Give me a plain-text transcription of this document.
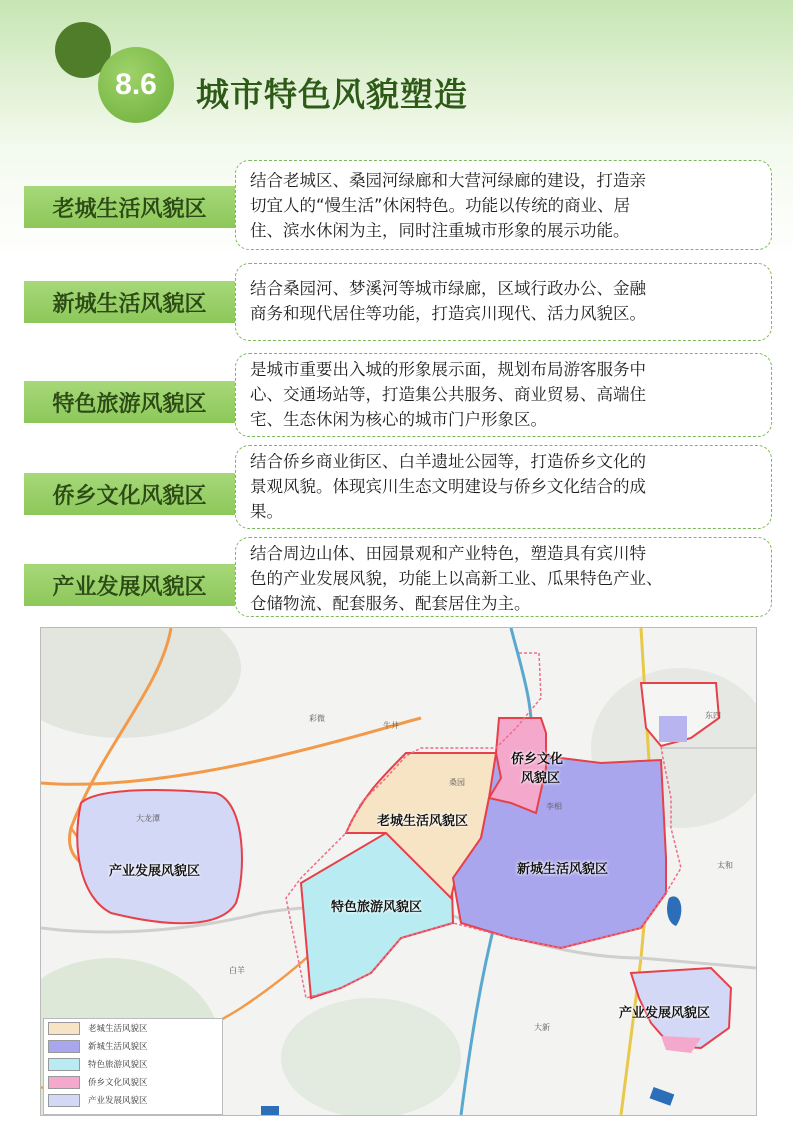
8.6 城市特色风貌塑造
老城生活风貌区
结合老城区、桑园河绿廊和大营河绿廊的建设，打造亲
切宜人的“慢生活”休闲特色。功能以传统的商业、居
住、滨水休闲为主，同时注重城市形象的展示功能。
新城生活风貌区
结合桑园河、梦溪河等城市绿廊，区域行政办公、金融
商务和现代居住等功能，打造宾川现代、活力风貌区。
特色旅游风貌区
是城市重要出入城的形象展示面，规划布局游客服务中
心、交通场站等，打造集公共服务、商业贸易、高端住
宅、生态休闲为核心的城市门户形象区。
侨乡文化风貌区
结合侨乡商业街区、白羊遗址公园等，打造侨乡文化的
景观风貌。体现宾川生态文明建设与侨乡文化结合的成
果。
产业发展风貌区
结合周边山体、田园景观和产业特色，塑造具有宾川特
色的产业发展风貌，功能上以高新工业、瓜果特色产业、
仓储物流、配套服务、配套居住为主。
牛井
桑园
李相
大龙潭
白羊
大新
东四
彩微
太和
侨乡文化
风貌区
老城生活风貌区
新城生活风貌区
特色旅游风貌区
产业发展风貌区
产业发展风貌区
老城生活风貌区
新城生活风貌区
特色旅游风貌区
侨乡文化风貌区
产业发展风貌区
